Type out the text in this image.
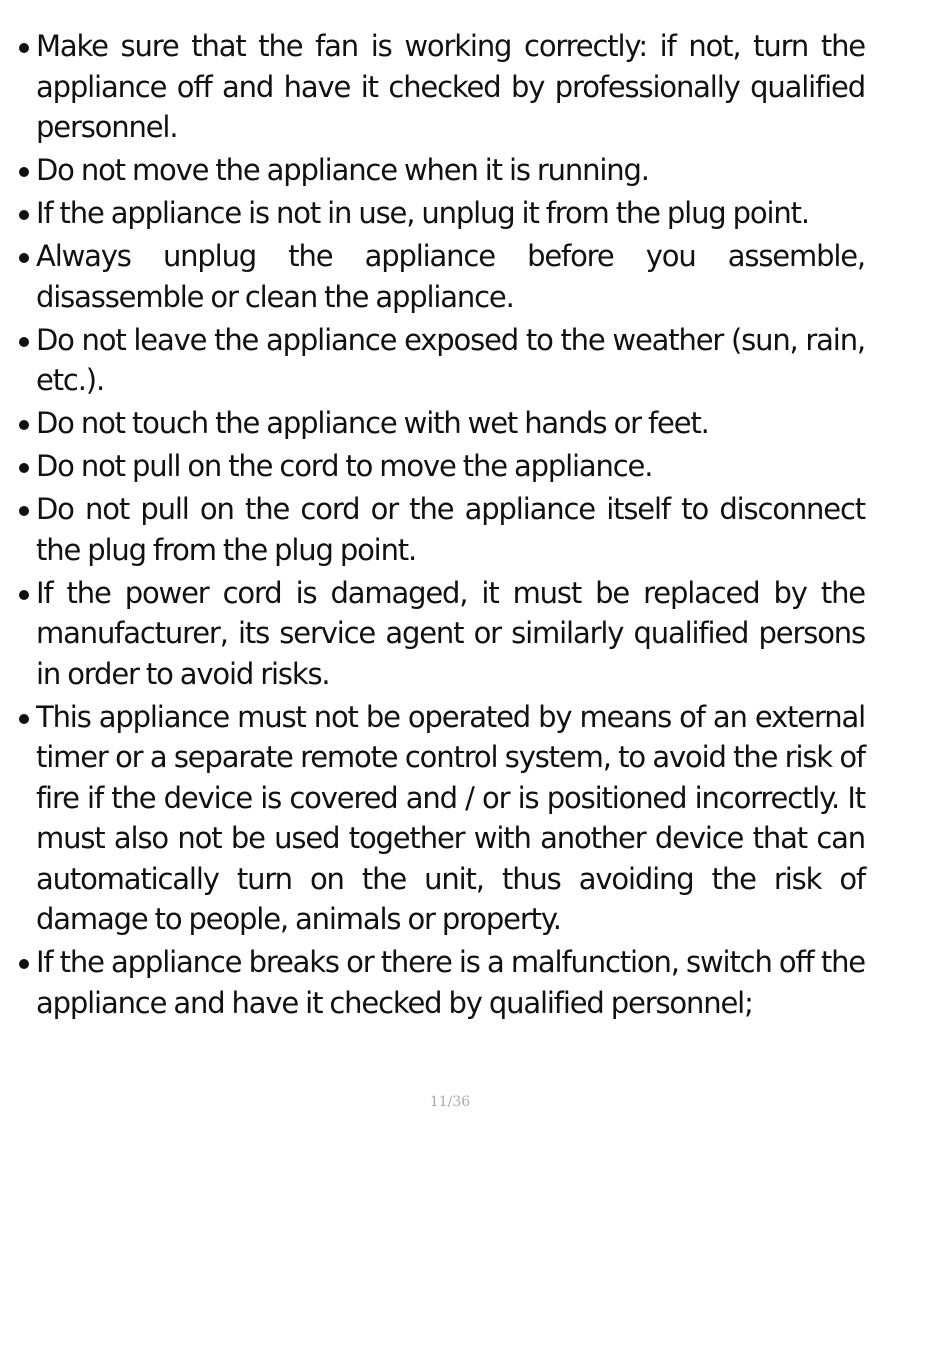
Make sure that the fan is working correctly: if not, turn the appliance off and have it checked by professionally qualified personnel.
Do not move the appliance when it is running.
If the appliance is not in use, unplug it from the plug point.
Always unplug the appliance before you assemble, disassemble or clean the appliance.
Do not leave the appliance exposed to the weather (sun, rain, etc.).
Do not touch the appliance with wet hands or feet.
Do not pull on the cord to move the appliance.
Do not pull on the cord or the appliance itself to disconnect the plug from the plug point.
If the power cord is damaged, it must be replaced by the manufacturer, its service agent or similarly qualified persons in order to avoid risks.
This appliance must not be operated by means of an external timer or a separate remote control system, to avoid the risk of fire if the device is covered and / or is positioned incorrectly. It must also not be used together with another device that can automatically turn on the unit, thus avoiding the risk of damage to people, animals or property.
If the appliance breaks or there is a malfunction, switch off the appliance and have it checked by qualified personnel;
11/36
